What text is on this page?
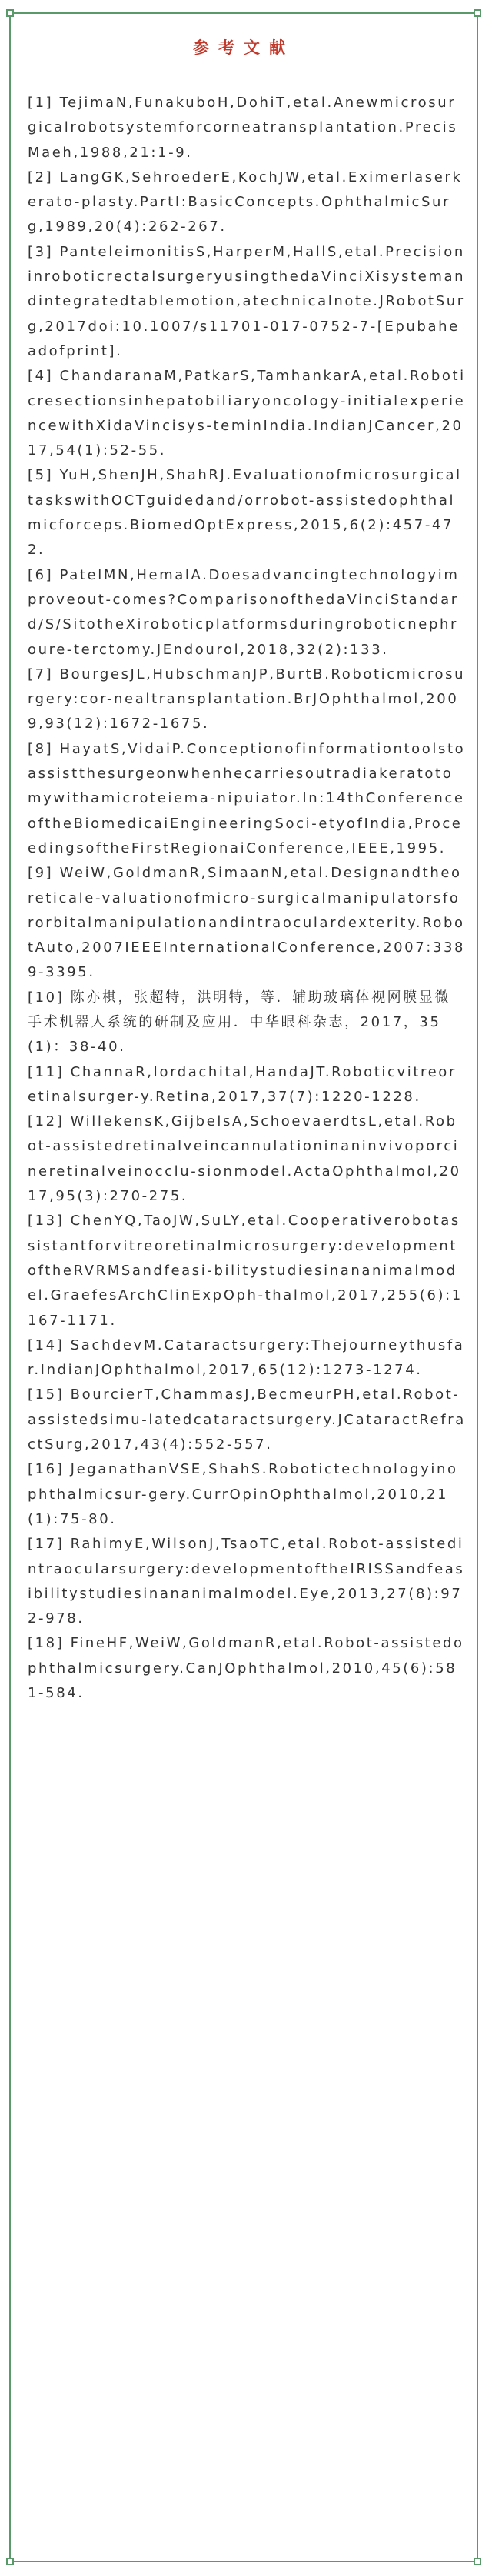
参考文献
[1] TejimaN,FunakuboH,DohiT,etal.Anewmicrosurgicalrobotsystemforcorneatransplantation.PrecisMaeh,1988,21:1-9.
[2] LangGK,SehroederE,KochJW,etal.Eximerlaserkerato-plasty.PartI:BasicConcepts.OphthalmicSurg,1989,20(4):262-267.
[3] PanteleimonitisS,HarperM,HallS,etal.PrecisioninroboticrectalsurgeryusingthedaVinciXisystemandintegratedtablemotion,atechnicalnote.JRobotSurg,2017doi:10.1007/s11701-017-0752-7-[Epubaheadofprint].
[4] ChandaranaM,PatkarS,TamhankarA,etal.RoboticresectionsinhepatobiliaryoncoIogy-initialexperiencewithXidaVincisys-teminIndia.IndianJCancer,2017,54(1):52-55.
[5] YuH,ShenJH,ShahRJ.EvaluationofmicrosurgicaltaskswithOCTguidedand/orrobot-assistedophthalmicforceps.BiomedOptExpress,2015,6(2):457-472.
[6] PatelMN,HemalA.Doesadvancingtechnologyimproveout-comes?ComparisonofthedaVinciStandard/S/SitotheXiroboticplatformsduringroboticnephroure-terctomy.JEndourol,2018,32(2):133.
[7] BourgesJL,HubschmanJP,BurtB.Roboticmicrosurgery:cor-nealtransplantation.BrJOphthalmol,2009,93(12):1672-1675.
[8] HayatS,VidaiP.Conceptionofinformationtoolstoassistthesurgeonwhenhecarriesoutradiakeratotomywithamicroteiema-nipuiator.In:14thConferenceoftheBiomedicaiEngineeringSoci-etyofIndia,ProceedingsoftheFirstRegionaiConference,IEEE,1995.
[9] WeiW,GoldmanR,SimaanN,etal.Designandtheoreticale-valuationofmicro-surgicalmanipulatorsfororbitalmanipulationandintraoculardexterity.RobotAuto,2007IEEEInternationalConference,2007:3389-3395.
[10] 陈亦棋，张超特，洪明特，等．辅助玻璃体视网膜显微手术机器人系统的研制及应用．中华眼科杂志，2017，35(1)：38-40.
[11] ChannaR,IordachitaI,HandaJT.Roboticvitreoretinalsurger-y.Retina,2017,37(7):1220-1228.
[12] WillekensK,GijbelsA,SchoevaerdtsL,etal.Robot-assistedretinalveincannulationinaninvivoporcineretinalveinocclu-sionmodel.ActaOphthalmol,2017,95(3):270-275.
[13] ChenYQ,TaoJW,SuLY,etal.Cooperativerobotassistantforvitreoretinalmicrosurgery:developmentoftheRVRMSandfeasi-bilitystudiesinananimalmodel.GraefesArchClinExpOph-thalmol,2017,255(6):1167-1171.
[14] SachdevM.Cataractsurgery:Thejourneythusfar.IndianJOphthalmol,2017,65(12):1273-1274.
[15] BourcierT,ChammasJ,BecmeurPH,etal.Robot-assistedsimu-latedcataractsurgery.JCataractRefractSurg,2017,43(4):552-557.
[16] JeganathanVSE,ShahS.Robotictechnologyinophthalmicsur-gery.CurrOpinOphthalmol,2010,21(1):75-80.
[17] RahimyE,WilsonJ,TsaoTC,etal.Robot-assistedintraocularsurgery:developmentoftheIRISSandfeasibilitystudiesinananimalmodel.Eye,2013,27(8):972-978.
[18] FineHF,WeiW,GoldmanR,etal.Robot-assistedophthalmicsurgery.CanJOphthalmol,2010,45(6):581-584.
